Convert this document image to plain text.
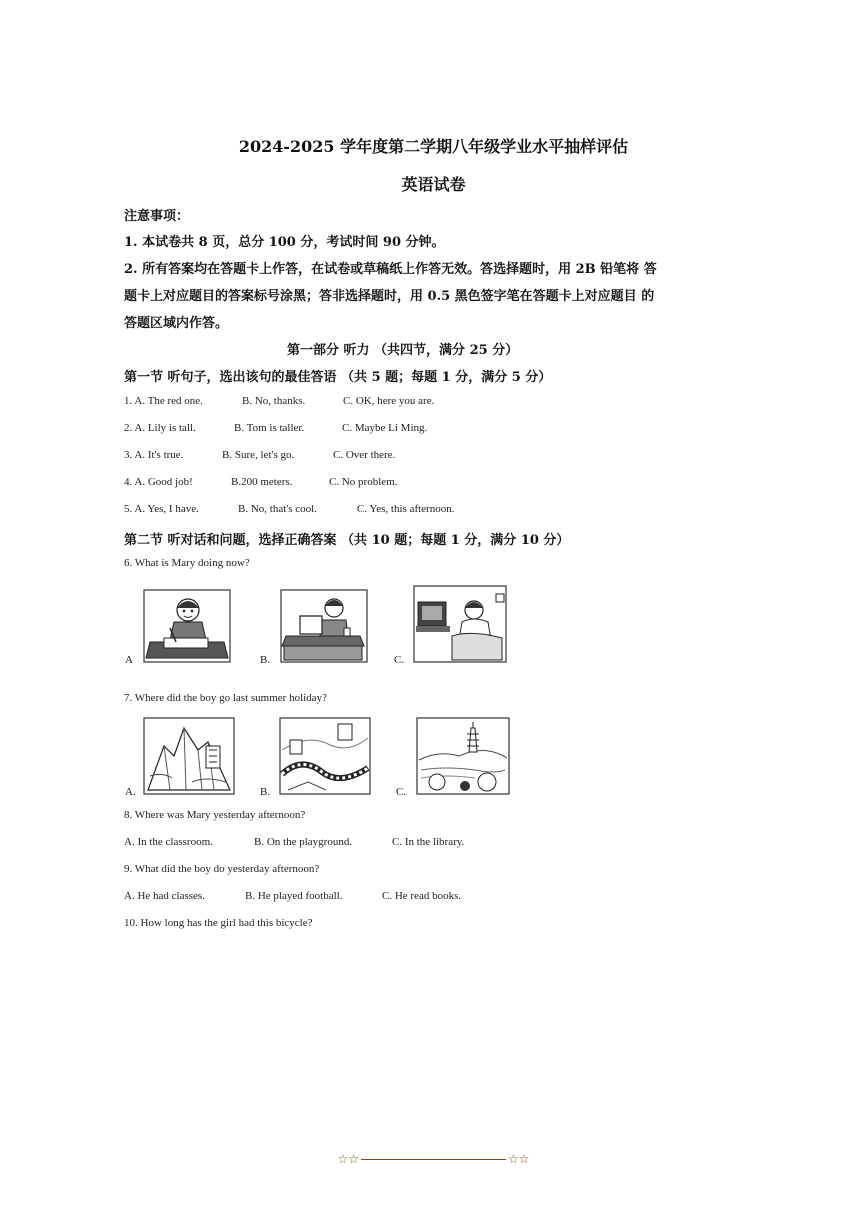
2024-2025 学年度第二学期八年级学业水平抽样评估
英语试卷
注意事项：
1. 本试卷共 8 页，总分 100 分，考试时间 90 分钟。
2. 所有答案均在答题卡上作答，在试卷或草稿纸上作答无效。答选择题时，用 2B 铅笔将 答
题卡上对应题目的答案标号涂黑；答非选择题时，用 0.5 黑色签字笔在答题卡上对应题目 的
答题区域内作答。
第一部分 听力 （共四节，满分 25 分）
第一节 听句子，选出该句的最佳答语 （共 5 题；每题 1 分，满分 5 分）
1. A. The red one.	B. No, thanks.	C. OK, here you are.
2. A. Lily is tall.	B. Tom is taller.	C. Maybe Li Ming.
3. A. It's true.	B. Sure, let's go.	C. Over there.
4. A. Good job!	B.200 meters.	C. No problem.
5. A. Yes, I have.	B. No, that's cool.	C. Yes, this afternoon.
第二节 听对话和问题，选择正确答案 （共 10 题；每题 1 分，满分 10 分）
6. What is Mary doing now?
A	B.	C.
7. Where did the boy go last summer holiday?
A.	B.	C.
8. Where was Mary yesterday afternoon?
A. In the classroom.	B. On the playground.	C. In the library.
9. What did the boy do yesterday afternoon?
A. He had classes.	B. He played football.	C. He read books.
10. How long has the girl had this bicycle?
☆☆	☆☆
